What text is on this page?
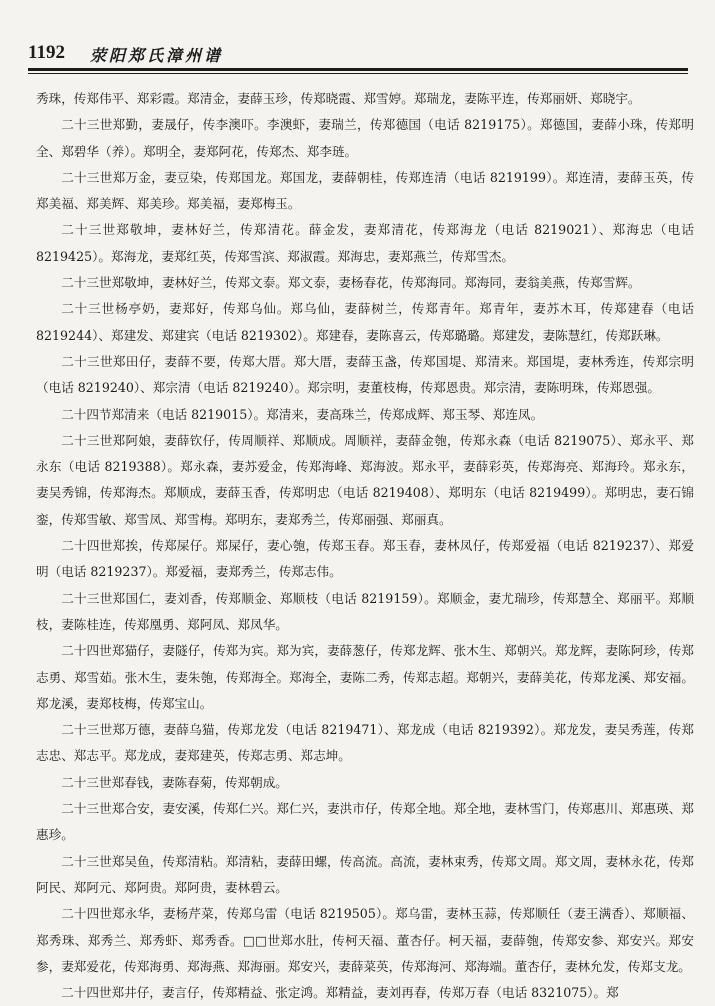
1192 荥阳郑氏漳州谱

秀珠，传郑伟平、郑彩霞。郑清金，妻薛玉珍，传郑晓霞、郑雪婷。郑瑞龙，妻陈平连，传郑丽妍、郑晓宇。

二十三世郑勤，妻晟仔，传李澳吓。李澳虾，妻瑞兰，传郑德国（电话 8219175）。郑德国，妻薛小珠，传郑明全、郑碧华（养）。郑明全，妻郑阿花，传郑杰、郑李琏。

二十三世郑万金，妻豆染，传郑国龙。郑国龙，妻薛朝桂，传郑连清（电话 8219199）。郑连清，妻薛玉英，传郑美福、郑美辉、郑美珍。郑美福，妻郑梅玉。

二十三世郑敬坤，妻林好兰，传郑清花。薛金发，妻郑清花，传郑海龙（电话 8219021）、郑海忠（电话 8219425）。郑海龙，妻郑红英，传郑雪滨、郑淑霞。郑海忠，妻郑燕兰，传郑雪杰。

二十三世郑敬坤，妻林好兰，传郑文泰。郑文泰，妻杨春花，传郑海同。郑海同，妻翁美燕，传郑雪辉。

二十三世杨亭奶，妻郑好，传郑乌仙。郑乌仙，妻薛树兰，传郑青年。郑青年，妻苏木耳，传郑建春（电话 8219244）、郑建发、郑建宾（电话 8219302）。郑建春，妻陈喜云，传郑璐璐。郑建发，妻陈慧红，传郑跃琳。

二十三世郑田仔，妻薛不要，传郑大厝。郑大厝，妻薛玉盏，传郑国堤、郑清来。郑国堤，妻林秀连，传郑宗明（电话 8219240）、郑宗清（电话 8219240）。郑宗明，妻董枝梅，传郑恩贵。郑宗清，妻陈明珠，传郑恩强。

二十四节郑清来（电话 8219015）。郑清来，妻高珠兰，传郑成辉、郑玉琴、郑连凤。

二十三世郑阿娘，妻薛钦仔，传周顺祥、郑顺成。周顺祥，妻薛金匏，传郑永森（电话 8219075）、郑永平、郑永东（电话 8219388）。郑永森，妻苏爱金，传郑海峰、郑海波。郑永平，妻薛彩英，传郑海亮、郑海玲。郑永东，妻吴秀锦，传郑海杰。郑顺成，妻薛玉香，传郑明忠（电话 8219408）、郑明东（电话 8219499）。郑明忠，妻石锦銮，传郑雪敏、郑雪凤、郑雪梅。郑明东，妻郑秀兰，传郑丽强、郑丽真。

二十四世郑挨，传郑屎仔。郑屎仔，妻心匏，传郑玉春。郑玉春，妻林凤仔，传郑爱福（电话 8219237）、郑爱明（电话 8219237）。郑爱福，妻郑秀兰，传郑志伟。

二十三世郑国仁，妻刘香，传郑顺金、郑顺枝（电话 8219159）。郑顺金，妻尤瑞珍，传郑慧全、郑丽平。郑顺枝，妻陈桂连，传郑凰勇、郑阿凤、郑凤华。

二十四世郑猫仔，妻隧仔，传郑为宾。郑为宾，妻薛葱仔，传郑龙辉、张木生、郑朝兴。郑龙辉，妻陈阿珍，传郑志勇、郑雪茹。张木生，妻朱匏，传郑海全。郑海全，妻陈二秀，传郑志超。郑朝兴，妻薛美花，传郑龙溪、郑安福。郑龙溪，妻郑枝梅，传郑宝山。

二十三世郑万德，妻薛乌猫，传郑龙发（电话 8219471）、郑龙成（电话 8219392）。郑龙发，妻吴秀莲，传郑志忠、郑志平。郑龙成，妻郑建英，传郑志勇、郑志坤。

二十三世郑春钱，妻陈春菊，传郑朝成。

二十三世郑合安，妻安溪，传郑仁兴。郑仁兴，妻洪市仔，传郑全地。郑全地，妻林雪门，传郑惠川、郑惠瑛、郑惠珍。

二十三世郑吴鱼，传郑清粘。郑清粘，妻薛田螺，传高流。高流，妻林束秀，传郑文周。郑文周，妻林永花，传郑阿民、郑阿元、郑阿贵。郑阿贵，妻林碧云。

二十四世郑永华，妻杨芹菜，传郑乌雷（电话 8219505）。郑乌雷，妻林玉蒜，传郑顺任（妻王满香）、郑顺福、郑秀珠、郑秀兰、郑秀虾、郑秀香。□□世郑水肚，传柯天福、董杏仔。柯天福，妻薛匏，传郑安参、郑安兴。郑安参，妻郑爱花，传郑海勇、郑海燕、郑海丽。郑安兴，妻薛菜英，传郑海河、郑海端。董杏仔，妻林允发，传郑支龙。

二十四世郑井仔，妻言仔，传郑精益、张定鸿。郑精益，妻刘再春，传郑万春（电话 8321075）。郑
